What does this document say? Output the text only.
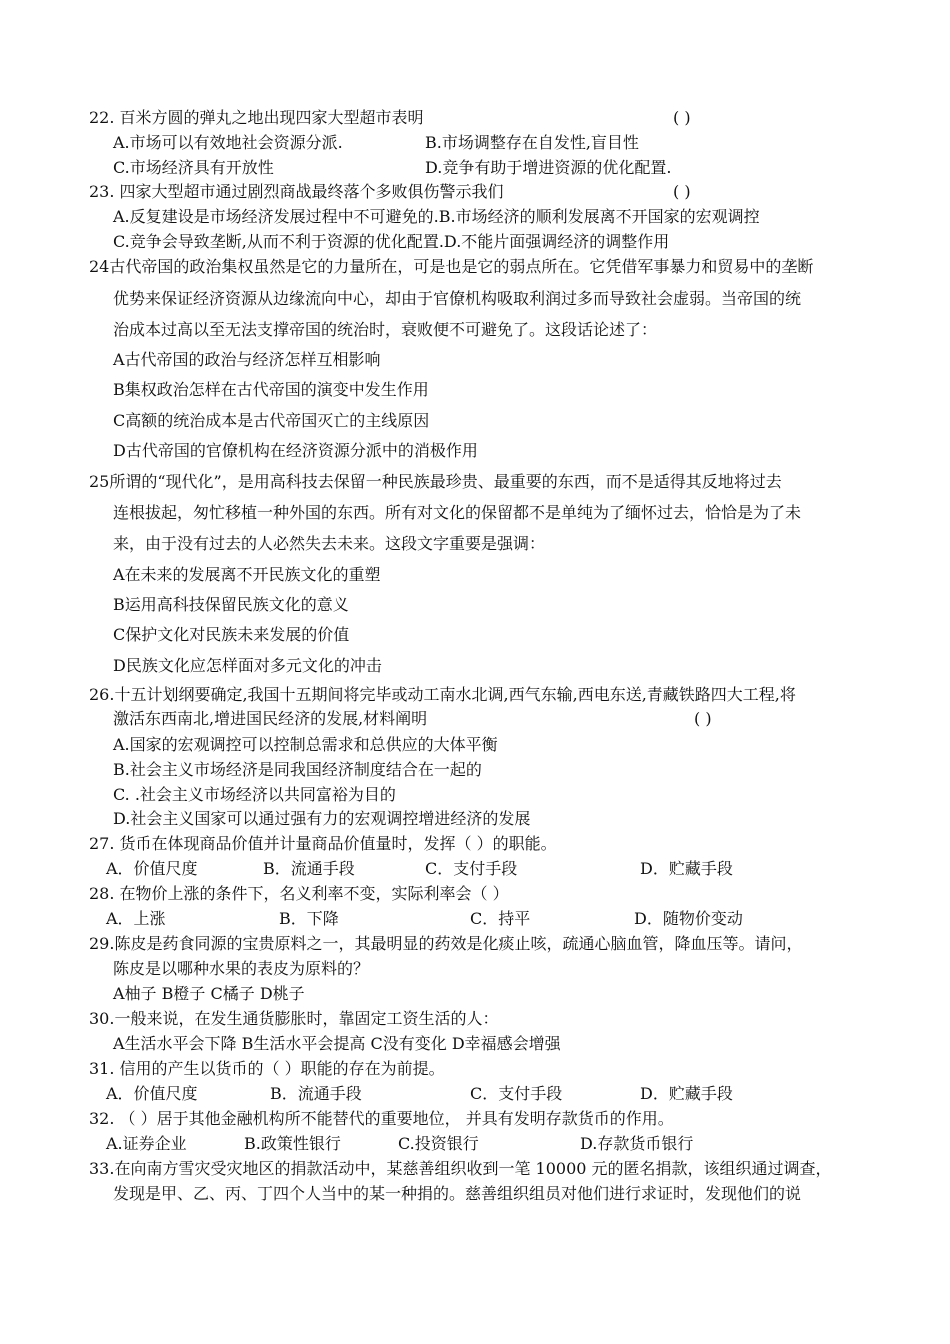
22. 百米方圆的弹丸之地出现四家大型超市表明	( )
A.市场可以有效地社会资源分派.	B.市场调整存在自发性,盲目性
C.市场经济具有开放性	D.竞争有助于增进资源的优化配置.
23. 四家大型超市通过剧烈商战最终落个多败俱伤警示我们	( )
A.反复建设是市场经济发展过程中不可避免的.B.市场经济的顺利发展离不开国家的宏观调控
C.竞争会导致垄断,从而不利于资源的优化配置.D.不能片面强调经济的调整作用
24古代帝国的政治集权虽然是它的力量所在，可是也是它的弱点所在。它凭借军事暴力和贸易中的垄断
优势来保证经济资源从边缘流向中心，却由于官僚机构吸取利润过多而导致社会虚弱。当帝国的统
治成本过高以至无法支撑帝国的统治时，衰败便不可避免了。这段话论述了：
A古代帝国的政治与经济怎样互相影响
B集权政治怎样在古代帝国的演变中发生作用
C高额的统治成本是古代帝国灭亡的主线原因
D古代帝国的官僚机构在经济资源分派中的消极作用
25所谓的“现代化”，是用高科技去保留一种民族最珍贵、最重要的东西，而不是适得其反地将过去
连根拔起，匆忙移植一种外国的东西。所有对文化的保留都不是单纯为了缅怀过去，恰恰是为了未
来，由于没有过去的人必然失去未来。这段文字重要是强调：
A在未来的发展离不开民族文化的重塑
B运用高科技保留民族文化的意义
C保护文化对民族未来发展的价值
D民族文化应怎样面对多元文化的冲击
26.十五计划纲要确定,我国十五期间将完毕或动工南水北调,西气东输,西电东送,青藏铁路四大工程,将
激活东西南北,增进国民经济的发展,材料阐明	( )
A.国家的宏观调控可以控制总需求和总供应的大体平衡
B.社会主义市场经济是同我国经济制度结合在一起的
C. .社会主义市场经济以共同富裕为目的
D.社会主义国家可以通过强有力的宏观调控增进经济的发展
27. 货币在体现商品价值并计量商品价值量时，发挥（ ）的职能。
A．价值尺度	B．流通手段	C．支付手段	D．贮藏手段
28. 在物价上涨的条件下，名义利率不变，实际利率会（ ）
A．上涨	B．下降	C．持平	D．随物价变动
29.陈皮是药食同源的宝贵原料之一，其最明显的药效是化痰止咳，疏通心脑血管，降血压等。请问，
陈皮是以哪种水果的表皮为原料的？
A柚子 B橙子 C橘子 D桃子
30.一般来说，在发生通货膨胀时，靠固定工资生活的人：
A生活水平会下降 B生活水平会提高 C没有变化 D幸福感会增强
31. 信用的产生以货币的（ ）职能的存在为前提。
A．价值尺度	B．流通手段	C．支付手段	D．贮藏手段
32. （ ）居于其他金融机构所不能替代的重要地位， 并具有发明存款货币的作用。
A.证券企业	B.政策性银行	C.投资银行	D.存款货币银行
33.在向南方雪灾受灾地区的捐款活动中，某慈善组织收到一笔 10000 元的匿名捐款，该组织通过调查，
发现是甲、乙、丙、丁四个人当中的某一种捐的。慈善组织组员对他们进行求证时，发现他们的说
